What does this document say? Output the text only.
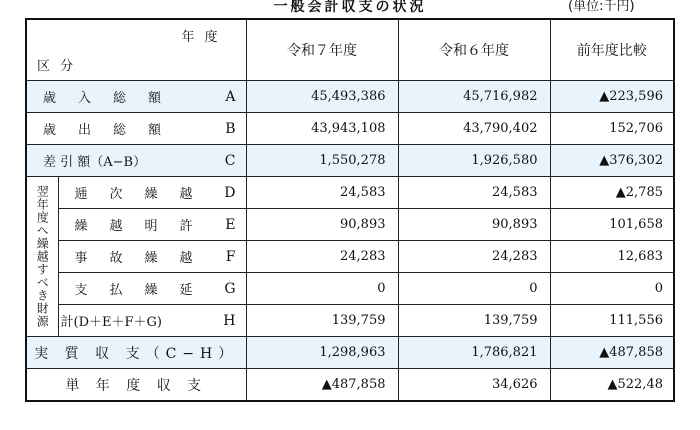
一般会計収支の状況	(単位:千円)
年度
区分		令和７年度	令和６年度	前年度比較

歳 入 総 額 A		45,493,386	45,716,982	▲223,596

歳 出 総 額 B		43,943,108	43,790,402	152,706

差 引 額（A−B） C		1,550,278	1,926,580	▲376,302

翌年度へ繰越すべき財源	逓 次 繰 越 D	24,583	24,583	▲2,785

	繰 越 明 許 E	90,893	90,893	101,658

	事 故 繰 越 F	24,283	24,283	12,683

	支 払 繰 延 G	0	0	0

	計(D＋E＋F＋G) H	139,759	139,759	111,556
実 質 収 支（C−H）		1,298,963	1,786,821	▲487,858
単 年 度 収 支		▲487,858	34,626	▲522,48
